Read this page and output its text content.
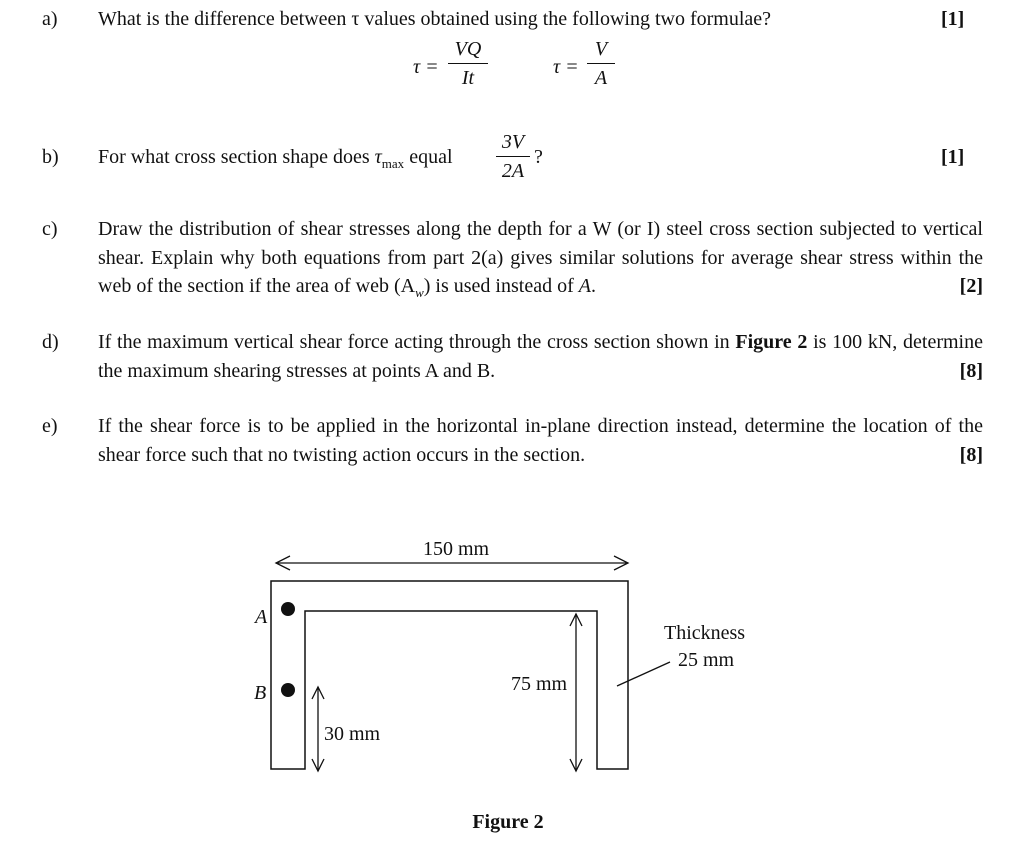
a) What is the difference between τ values obtained using the following two formulae?	[1]
τ =
VQ
It	τ =
V
A
b) For what cross section shape does $\tau_{max}$ equal
3V
2A
?	[1]
c) Draw the distribution of shear stresses along the depth for a W (or I) steel cross section subjected to vertical shear. Explain why both equations from part 2(a) gives similar solutions for average shear stress within the web of the section if the area of web $(A_w)$ is used instead of A.	[2]
d) If the maximum vertical shear force acting through the cross section shown in Figure 2 is 100 kN, determine the maximum shearing stresses at points A and B.	[8]
e) If the shear force is to be applied in the horizontal in-plane direction instead, determine the location of the shear force such that no twisting action occurs in the section.	[8]
150 mm
A
B	75 mm
30 mm
Thickness
25 mm
Figure 2
